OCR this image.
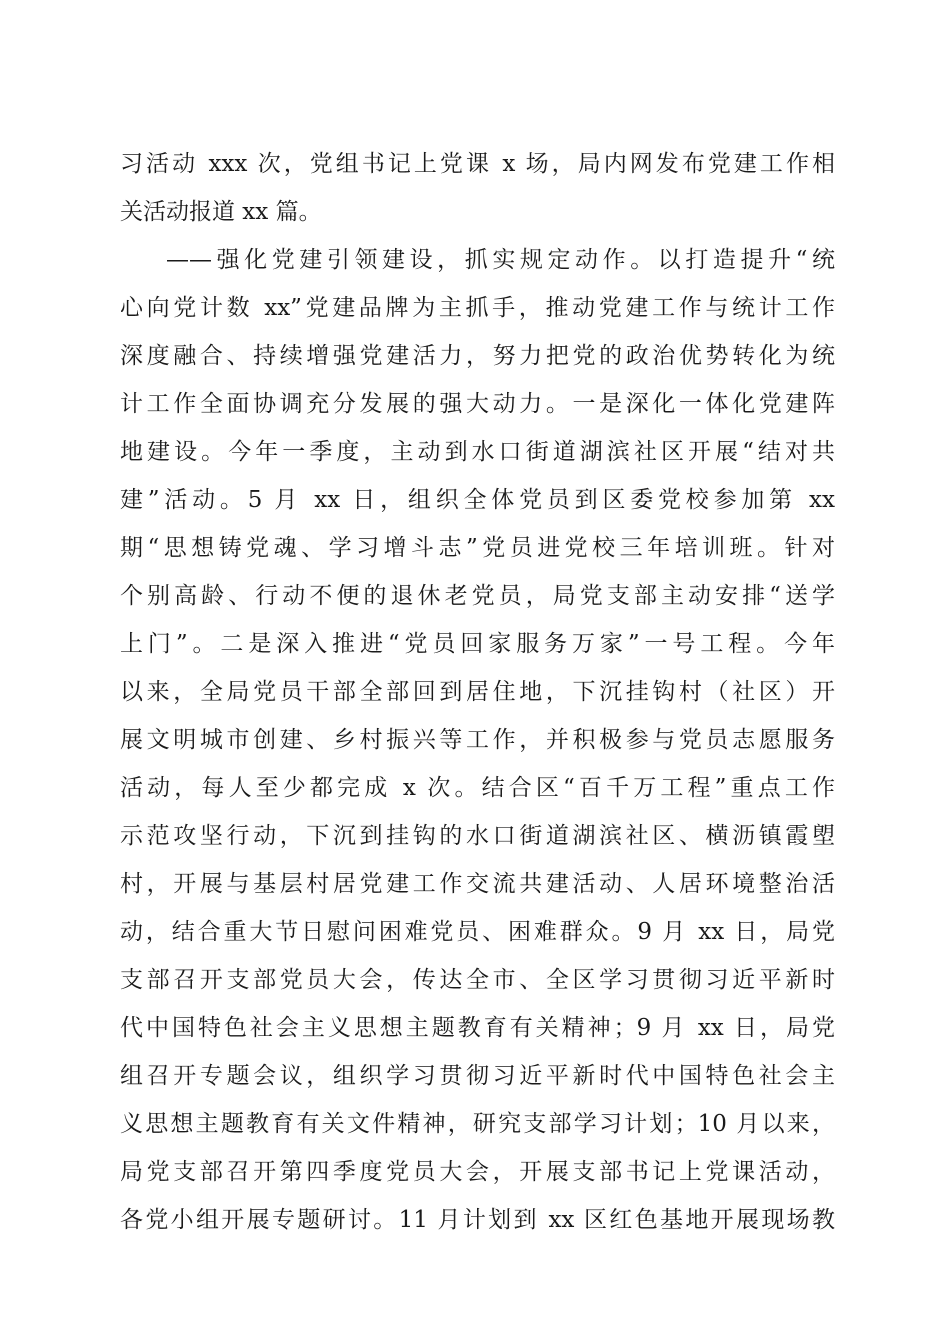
习活动 xxx 次，党组书记上党课 x 场，局内网发布党建工作相
关活动报道 xx 篇。
——强化党建引领建设，抓实规定动作。以打造提升“统
心向党计数 xx”党建品牌为主抓手，推动党建工作与统计工作
深度融合、持续增强党建活力，努力把党的政治优势转化为统
计工作全面协调充分发展的强大动力。一是深化一体化党建阵
地建设。今年一季度，主动到水口街道湖滨社区开展“结对共
建”活动。5 月 xx 日，组织全体党员到区委党校参加第 xx
期“思想铸党魂、学习增斗志”党员进党校三年培训班。针对
个别高龄、行动不便的退休老党员，局党支部主动安排“送学
上门”。二是深入推进“党员回家服务万家”一号工程。今年
以来，全局党员干部全部回到居住地，下沉挂钩村（社区）开
展文明城市创建、乡村振兴等工作，并积极参与党员志愿服务
活动，每人至少都完成 x 次。结合区“百千万工程”重点工作
示范攻坚行动，下沉到挂钩的水口街道湖滨社区、横沥镇霞塱
村，开展与基层村居党建工作交流共建活动、人居环境整治活
动，结合重大节日慰问困难党员、困难群众。9 月 xx 日，局党
支部召开支部党员大会，传达全市、全区学习贯彻习近平新时
代中国特色社会主义思想主题教育有关精神；9 月 xx 日，局党
组召开专题会议，组织学习贯彻习近平新时代中国特色社会主
义思想主题教育有关文件精神，研究支部学习计划；10 月以来，
局党支部召开第四季度党员大会，开展支部书记上党课活动，
各党小组开展专题研讨。11 月计划到 xx 区红色基地开展现场教
